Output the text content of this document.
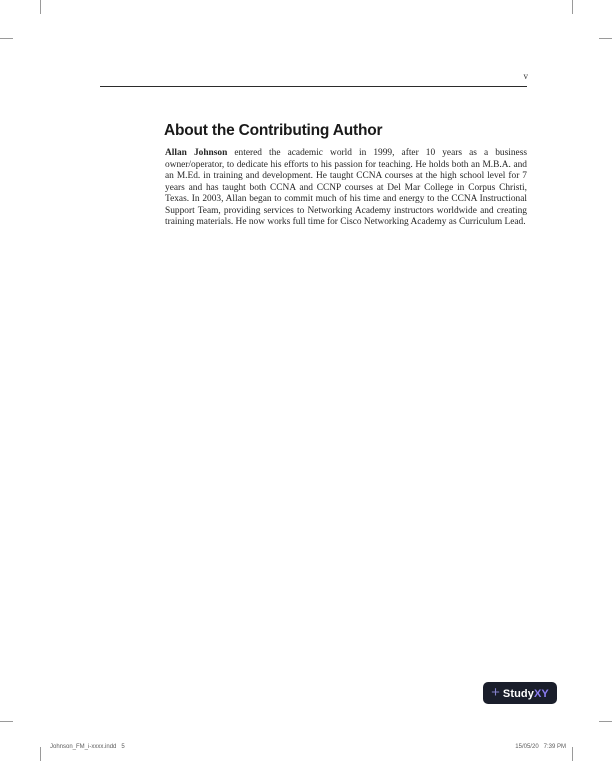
v
About the Contributing Author

Allan Johnson entered the academic world in 1999, after 10 years as a business owner/operator, to dedicate his efforts to his passion for teaching. He holds both an M.B.A. and an M.Ed. in training and development. He taught CCNA courses at the high school level for 7 years and has taught both CCNA and CCNP courses at Del Mar College in Corpus Christi, Texas. In 2003, Allan began to commit much of his time and energy to the CCNA Instructional Support Team, providing services to Networking Academy instructors worldwide and creating training materials. He now works full time for Cisco Networking Academy as Curriculum Lead.

+ StudyXY
Johnson_FM_i-xxxx.indd   5	15/05/20   7:39 PM
